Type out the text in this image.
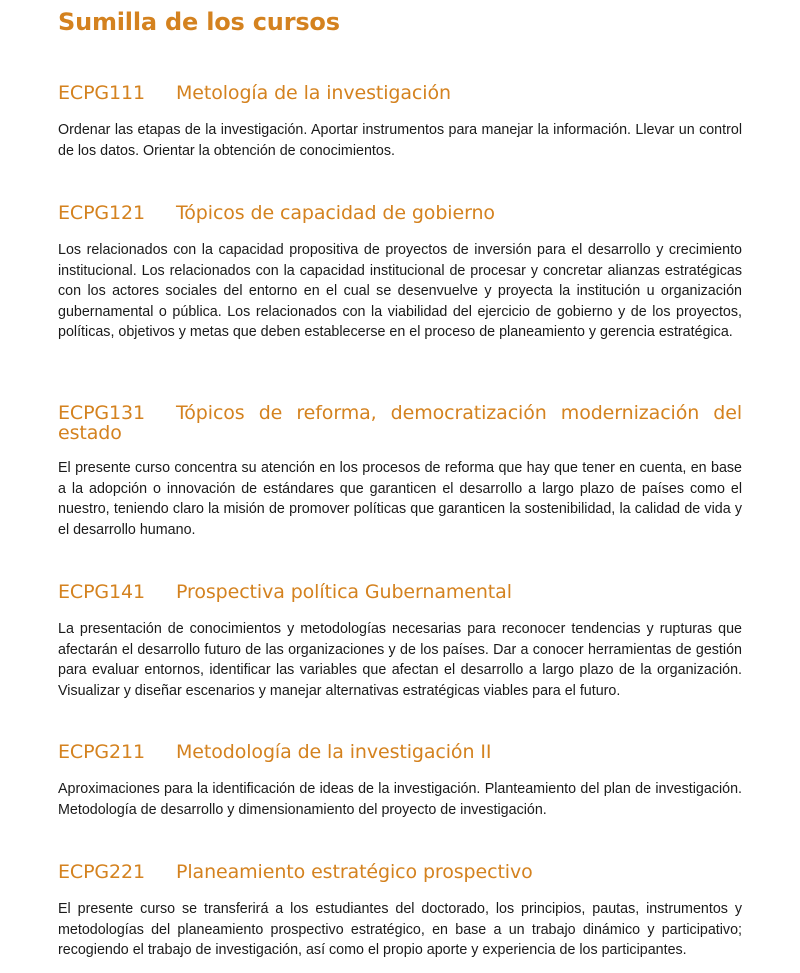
Sumilla de los cursos
ECPG111 Metología de la investigación

Ordenar las etapas de la investigación. Aportar instrumentos para manejar la información. Llevar un control de los datos. Orientar la obtención de conocimientos.

ECPG121 Tópicos de capacidad de gobierno

Los relacionados con la capacidad propositiva de proyectos de inversión para el desarrollo y crecimiento institucional. Los relacionados con la capacidad institucional de procesar y concretar alianzas estratégicas con los actores sociales del entorno en el cual se desenvuelve y proyecta la institución u organización gubernamental o pública. Los relacionados con la viabilidad del ejercicio de gobierno y de los proyectos, políticas, objetivos y metas que deben establecerse en el proceso de planeamiento y gerencia estratégica.

ECPG131 Tópicos de reforma, democratización modernización del estado

El presente curso concentra su atención en los procesos de reforma que hay que tener en cuenta, en base a la adopción o innovación de estándares que garanticen el desarrollo a largo plazo de países como el nuestro, teniendo claro la misión de promover políticas que garanticen la sostenibilidad, la calidad de vida y el desarrollo humano.

ECPG141 Prospectiva política Gubernamental

La presentación de conocimientos y metodologías necesarias para reconocer tendencias y rupturas que afectarán el desarrollo futuro de las organizaciones y de los países. Dar a conocer herramientas de gestión para evaluar entornos, identificar las variables que afectan el desarrollo a largo plazo de la organización. Visualizar y diseñar escenarios y manejar alternativas estratégicas viables para el futuro.

ECPG211 Metodología de la investigación II

Aproximaciones para la identificación de ideas de la investigación. Planteamiento del plan de investigación. Metodología de desarrollo y dimensionamiento del proyecto de investigación.

ECPG221 Planeamiento estratégico prospectivo

El presente curso se transferirá a los estudiantes del doctorado, los principios, pautas, instrumentos y metodologías del planeamiento prospectivo estratégico, en base a un trabajo dinámico y participativo; recogiendo el trabajo de investigación, así como el propio aporte y experiencia de los participantes.
